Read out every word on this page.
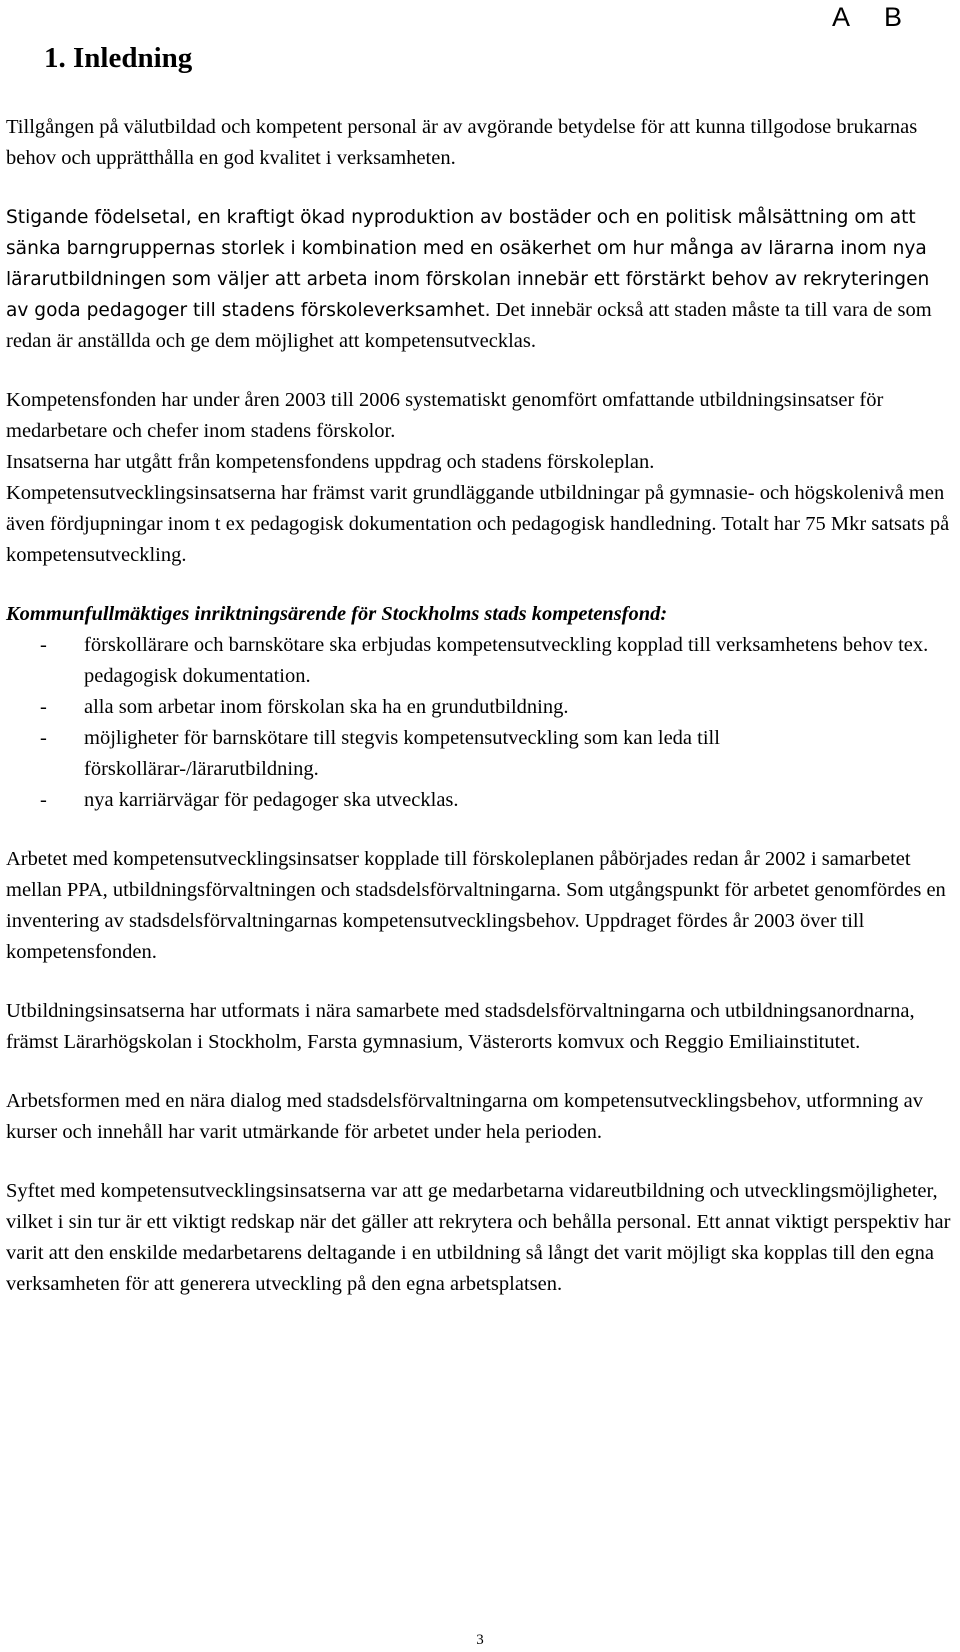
A B
1. Inledning

Tillgången på välutbildad och kompetent personal är av avgörande betydelse för att kunna tillgodose brukarnas behov och upprätthålla en god kvalitet i verksamheten.

Stigande födelsetal, en kraftigt ökad nyproduktion av bostäder och en politisk målsättning om att sänka barngruppernas storlek i kombination med en osäkerhet om hur många av lärarna inom nya lärarutbildningen som väljer att arbeta inom förskolan innebär ett förstärkt behov av rekryteringen av goda pedagoger till stadens förskoleverksamhet. Det innebär också att staden måste ta till vara de som redan är anställda och ge dem möjlighet att kompetensutvecklas.

Kompetensfonden har under åren 2003 till 2006 systematiskt genomfört omfattande utbildningsinsatser för medarbetare och chefer inom stadens förskolor.
Insatserna har utgått från kompetensfondens uppdrag och stadens förskoleplan.
Kompetensutvecklingsinsatserna har främst varit grundläggande utbildningar på gymnasie- och högskolenivå men även fördjupningar inom t ex pedagogisk dokumentation och pedagogisk handledning. Totalt har 75 Mkr satsats på kompetensutveckling.

Kommunfullmäktiges inriktningsärende för Stockholms stads kompetensfond:

- förskollärare och barnskötare ska erbjudas kompetensutveckling kopplad till verksamhetens behov tex. pedagogisk dokumentation.
- alla som arbetar inom förskolan ska ha en grundutbildning.
- möjligheter för barnskötare till stegvis kompetensutveckling som kan leda till förskollärar-/lärarutbildning.
- nya karriärvägar för pedagoger ska utvecklas.

Arbetet med kompetensutvecklingsinsatser kopplade till förskoleplanen påbörjades redan år 2002 i samarbetet mellan PPA, utbildningsförvaltningen och stadsdelsförvaltningarna. Som utgångspunkt för arbetet genomfördes en inventering av stadsdelsförvaltningarnas kompetensutvecklingsbehov. Uppdraget fördes år 2003 över till kompetensfonden.

Utbildningsinsatserna har utformats i nära samarbete med stadsdelsförvaltningarna och utbildningsanordnarna, främst Lärarhögskolan i Stockholm, Farsta gymnasium, Västerorts komvux och Reggio Emiliainstitutet.

Arbetsformen med en nära dialog med stadsdelsförvaltningarna om kompetensutvecklingsbehov, utformning av kurser och innehåll har varit utmärkande för arbetet under hela perioden.

Syftet med kompetensutvecklingsinsatserna var att ge medarbetarna vidareutbildning och utvecklingsmöjligheter, vilket i sin tur är ett viktigt redskap när det gäller att rekrytera och behålla personal. Ett annat viktigt perspektiv har varit att den enskilde medarbetarens deltagande i en utbildning så långt det varit möjligt ska kopplas till den egna verksamheten för att generera utveckling på den egna arbetsplatsen.

3
